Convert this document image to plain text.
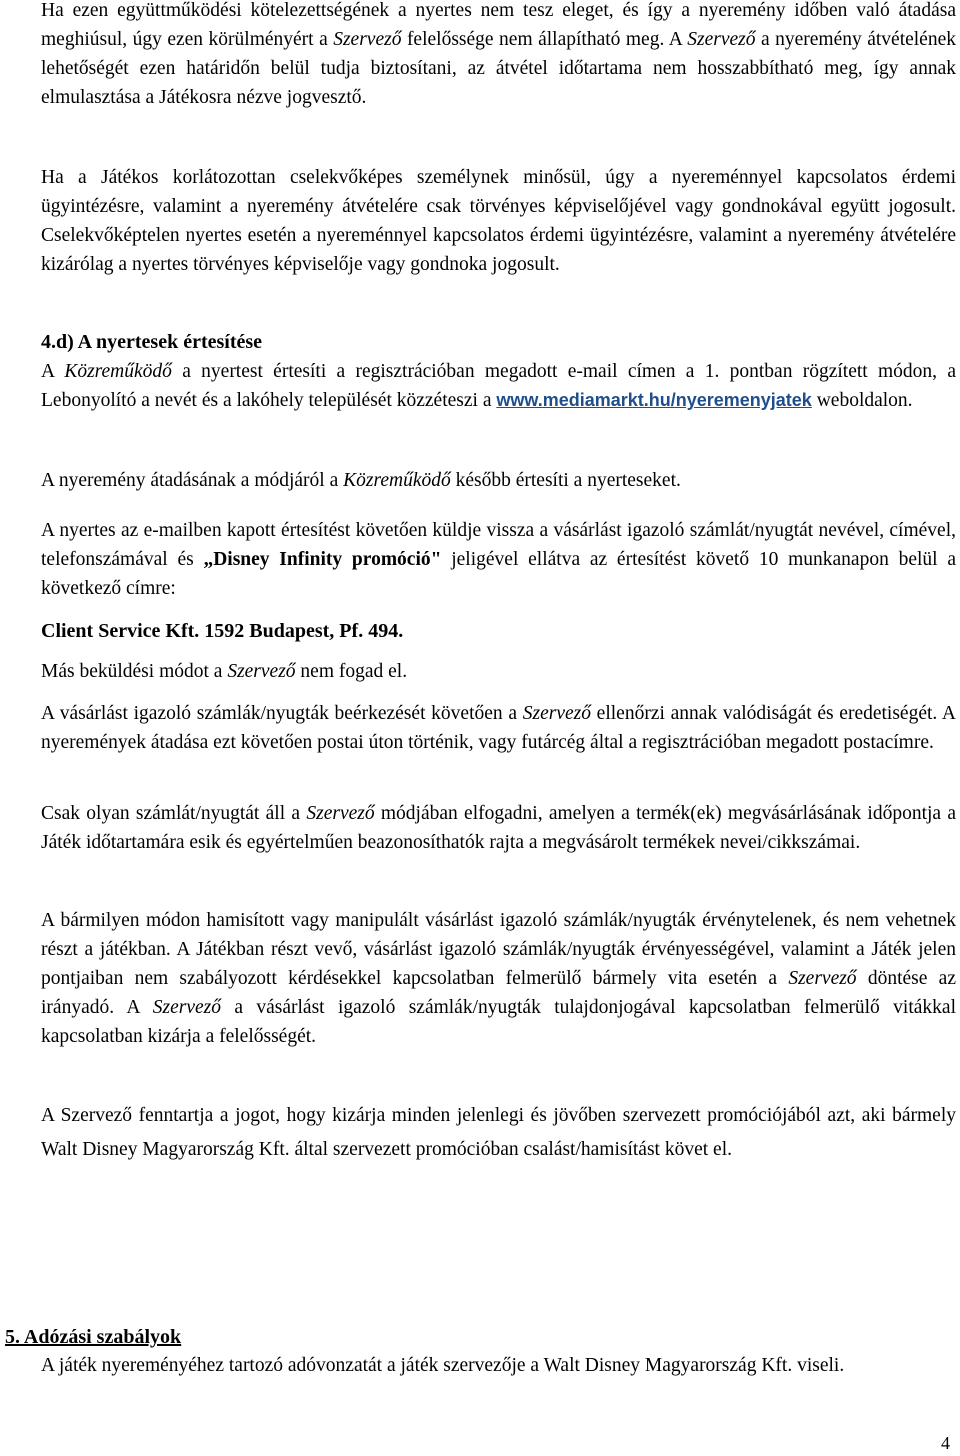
Ha ezen együttműködési kötelezettségének a nyertes nem tesz eleget, és így a nyeremény időben való átadása meghiúsul, úgy ezen körülményért a Szervező felelőssége nem állapítható meg. A Szervező a nyeremény átvételének lehetőségét ezen határidőn belül tudja biztosítani, az átvétel időtartama nem hosszabbítható meg, így annak elmulasztása a Játékosra nézve jogvesztő.

Ha a Játékos korlátozottan cselekvőképes személynek minősül, úgy a nyereménnyel kapcsolatos érdemi ügyintézésre, valamint a nyeremény átvételére csak törvényes képviselőjével vagy gondnokával együtt jogosult. Cselekvőképtelen nyertes esetén a nyereménnyel kapcsolatos érdemi ügyintézésre, valamint a nyeremény átvételére kizárólag a nyertes törvényes képviselője vagy gondnoka jogosult.

4.d) A nyertesek értesítése

A Közreműködő a nyertest értesíti a regisztrációban megadott e-mail címen a 1. pontban rögzített módon, a Lebonyolító a nevét és a lakóhely települését közzéteszi a www.mediamarkt.hu/nyeremenyjatek weboldalon.

A nyeremény átadásának a módjáról a Közreműködő később értesíti a nyerteseket.

A nyertes az e-mailben kapott értesítést követően küldje vissza a vásárlást igazoló számlát/nyugtát nevével, címével, telefonszámával és „Disney Infinity promóció" jeligével ellátva az értesítést követő 10 munkanapon belül a következő címre:

Client Service Kft. 1592 Budapest, Pf. 494.

Más beküldési módot a Szervező nem fogad el.

A vásárlást igazoló számlák/nyugták beérkezését követően a Szervező ellenőrzi annak valódiságát és eredetiségét. A nyeremények átadása ezt követően postai úton történik, vagy futárcég által a regisztrációban megadott postacímre.

Csak olyan számlát/nyugtát áll a Szervező módjában elfogadni, amelyen a termék(ek) megvásárlásának időpontja a Játék időtartamára esik és egyértelműen beazonosíthatók rajta a megvásárolt termékek nevei/cikkszámai.

A bármilyen módon hamisított vagy manipulált vásárlást igazoló számlák/nyugták érvénytelenek, és nem vehetnek részt a játékban. A Játékban részt vevő, vásárlást igazoló számlák/nyugták érvényességével, valamint a Játék jelen pontjaiban nem szabályozott kérdésekkel kapcsolatban felmerülő bármely vita esetén a Szervező döntése az irányadó. A Szervező a vásárlást igazoló számlák/nyugták tulajdonjogával kapcsolatban felmerülő vitákkal kapcsolatban kizárja a felelősségét.

A Szervező fenntartja a jogot, hogy kizárja minden jelenlegi és jövőben szervezett promóciójából azt, aki bármely Walt Disney Magyarország Kft. által szervezett promócióban csalást/hamisítást követ el.

5. Adózási szabályok

A játék nyereményéhez tartozó adóvonzatát a játék szervezője a Walt Disney Magyarország Kft. viseli.

4
